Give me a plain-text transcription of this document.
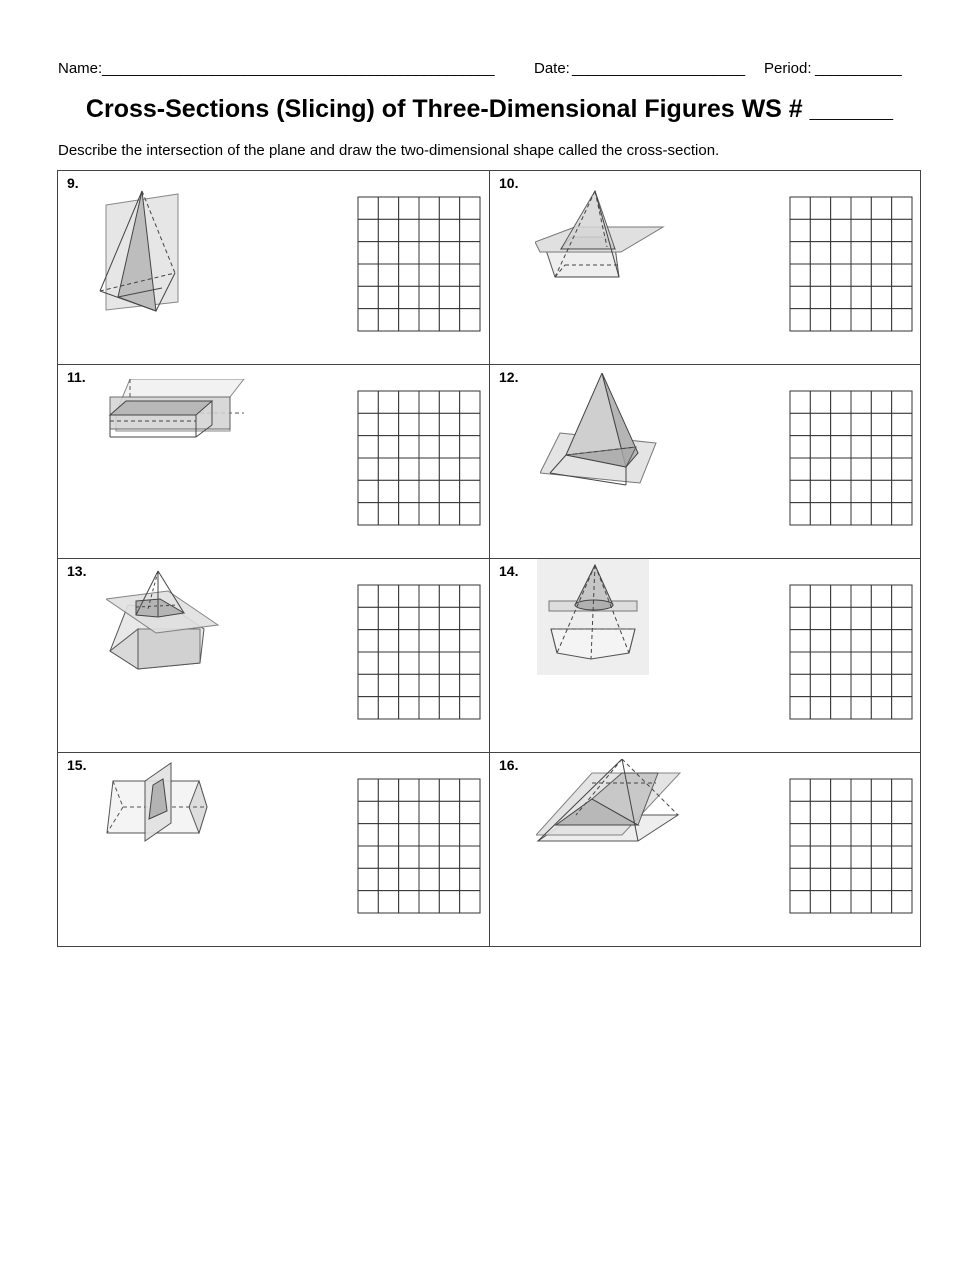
Name: __________________________________________________	Date: ______________________ Period: ___________
Cross-Sections (Slicing) of Three-Dimensional Figures WS # ______
Describe the intersection of the plane and draw the two-dimensional shape called the cross-section.
9.	10.
11.	12.
13.	14.
15.	16.
